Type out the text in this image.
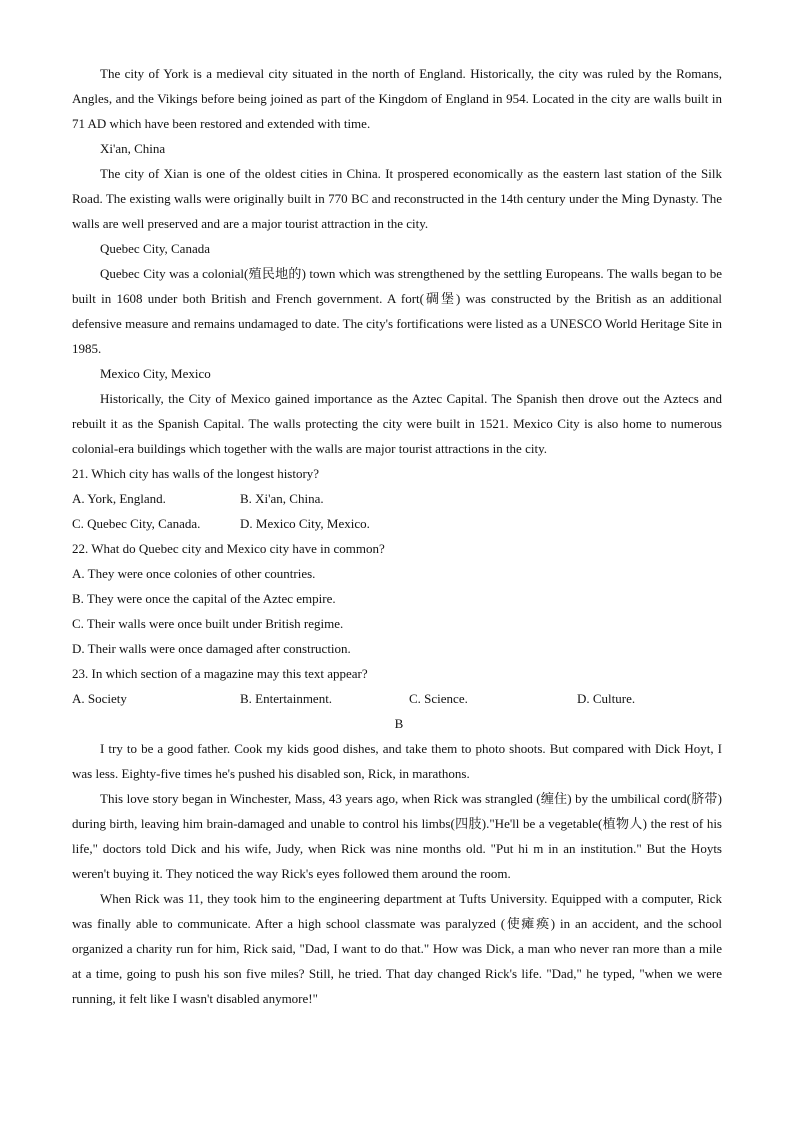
The city of York is a medieval city situated in the north of England. Historically, the city was ruled by the Romans, Angles, and the Vikings before being joined as part of the Kingdom of England in 954. Located in the city are walls built in 71 AD which have been restored and extended with time.

Xi'an, China

The city of Xian is one of the oldest cities in China. It prospered economically as the eastern last station of the Silk Road. The existing walls were originally built in 770 BC and reconstructed in the 14th century under the Ming Dynasty. The walls are well preserved and are a major tourist attraction in the city.

Quebec City, Canada

Quebec City was a colonial(殖民地的) town which was strengthened by the settling Europeans. The walls began to be built in 1608 under both British and French government. A fort(碉堡) was constructed by the British as an additional defensive measure and remains undamaged to date. The city's fortifications were listed as a UNESCO World Heritage Site in 1985.

Mexico City, Mexico

Historically, the City of Mexico gained importance as the Aztec Capital. The Spanish then drove out the Aztecs and rebuilt it as the Spanish Capital. The walls protecting the city were built in 1521. Mexico City is also home to numerous colonial-era buildings which together with the walls are major tourist attractions in the city.

21. Which city has walls of the longest history?

A. York, England.	B. Xi'an, China.
C. Quebec City, Canada.	D. Mexico City, Mexico.

22. What do Quebec city and Mexico city have in common?

A. They were once colonies of other countries.

B. They were once the capital of the Aztec empire.

C. Their walls were once built under British regime.

D. Their walls were once damaged after construction.

23. In which section of a magazine may this text appear?

A. Society	B. Entertainment.	C. Science.	D. Culture.

B

I try to be a good father. Cook my kids good dishes, and take them to photo shoots. But compared with Dick Hoyt, I was less. Eighty-five times he's pushed his disabled son, Rick, in marathons.

This love story began in Winchester, Mass, 43 years ago, when Rick was strangled (缠住) by the umbilical cord(脐带) during birth, leaving him brain-damaged and unable to control his limbs(四肢)."He'll be a vegetable(植物人) the rest of his life," doctors told Dick and his wife, Judy, when Rick was nine months old. "Put hi m in an institution." But the Hoyts weren't buying it. They noticed the way Rick's eyes followed them around the room.

When Rick was 11, they took him to the engineering department at Tufts University. Equipped with a computer, Rick was finally able to communicate. After a high school classmate was paralyzed (使瘫痪) in an accident, and the school organized a charity run for him, Rick said, "Dad, I want to do that." How was Dick, a man who never ran more than a mile at a time, going to push his son five miles? Still, he tried. That day changed Rick's life. "Dad," he typed, "when we were running, it felt like I wasn't disabled anymore!"
